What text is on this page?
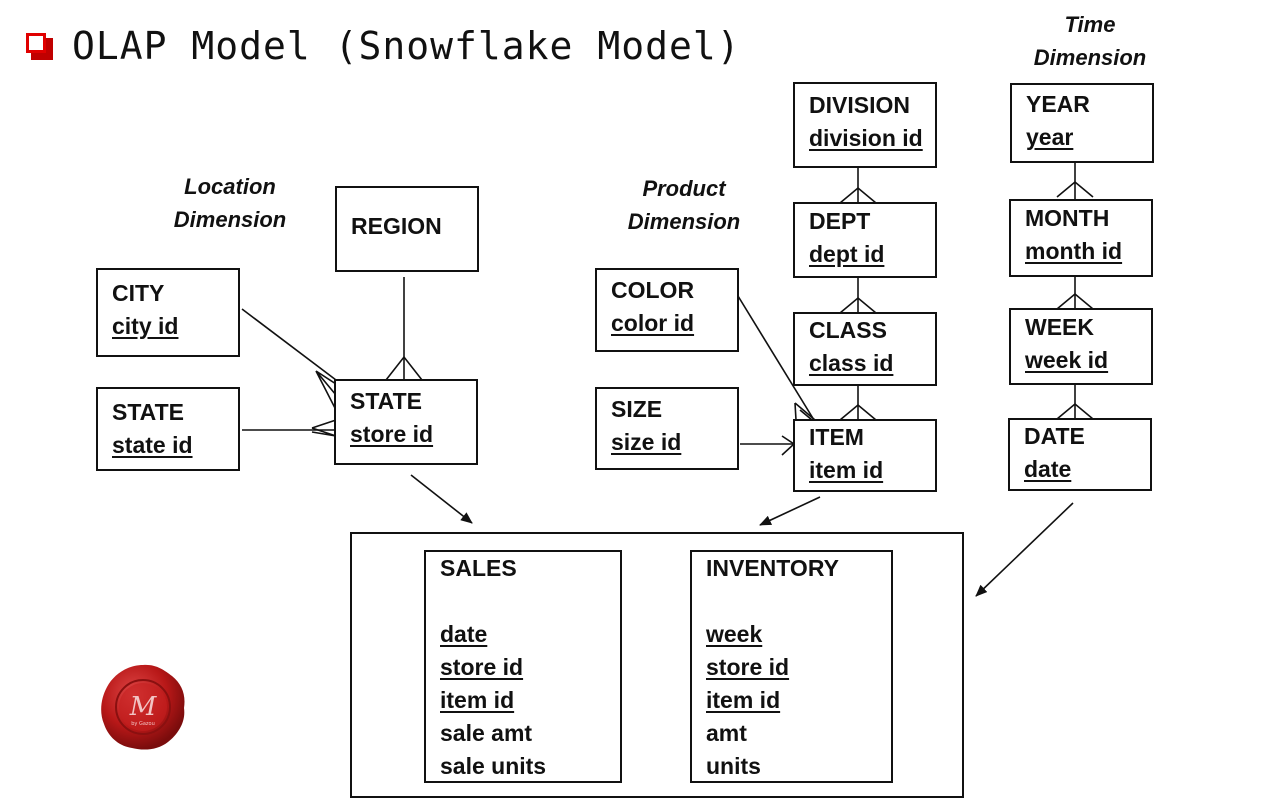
OLAP Model (Snowflake Model)
Location
Dimension
Product
Dimension
Time
Dimension
CITY
city id
STATE
state id
REGION
STATE
store id
COLOR
color id
SIZE
size id
DIVISION
division id
DEPT
dept id
CLASS
class id
ITEM
item id
YEAR
year
MONTH
month id
WEEK
week id
DATE
date
SALES
date
store id
item id
sale amt
sale units
INVENTORY
week
store id
item id
amt
units
M
by Gazou
